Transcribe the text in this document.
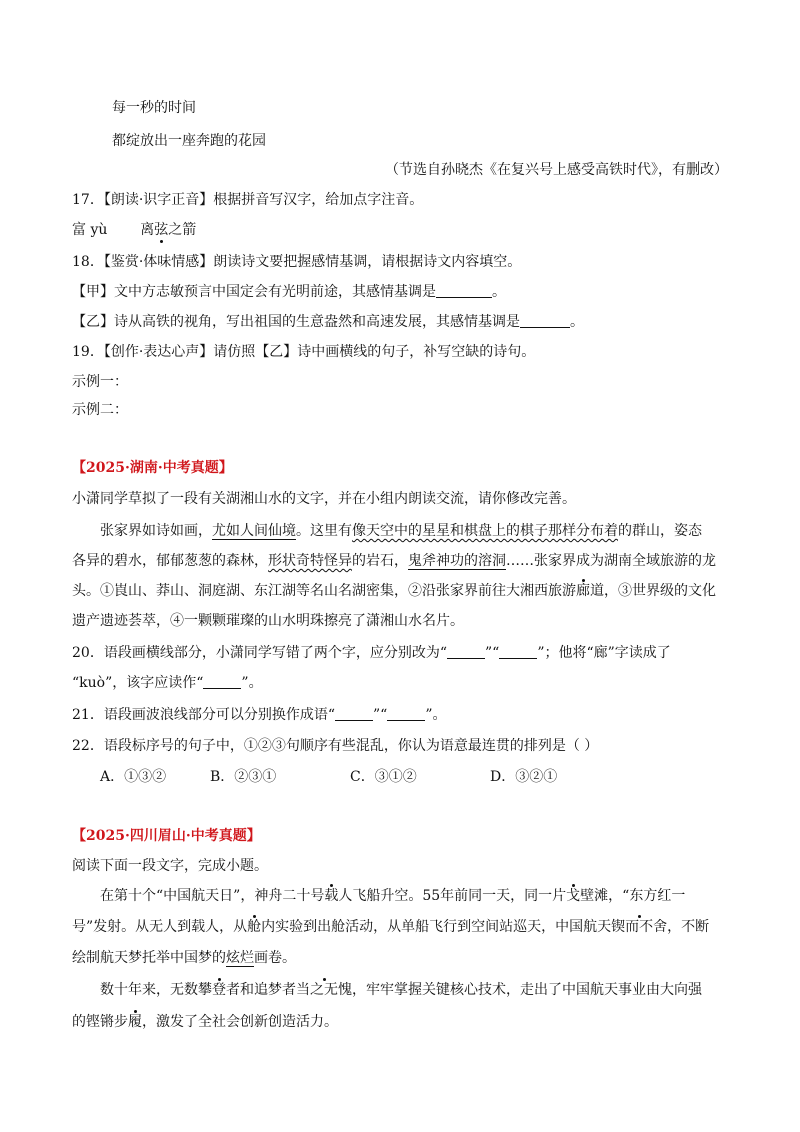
每一秒的时间
都绽放出一座奔跑的花园
（节选自孙晓杰《在复兴号上感受高铁时代》，有删改）
17．【朗读·识字正音】根据拼音写汉字，给加点字注音。
富 yù 离弦之箭
18．【鉴赏·体味情感】朗读诗文要把握感情基调，请根据诗文内容填空。
【甲】文中方志敏预言中国定会有光明前途，其感情基调是	。
【乙】诗从高铁的视角，写出祖国的生意盎然和高速发展，其感情基调是	。
19．【创作·表达心声】请仿照【乙】诗中画横线的句子，补写空缺的诗句。
示例一：
示例二：
【2025·湖南·中考真题】
小潇同学草拟了一段有关湖湘山水的文字，并在小组内朗读交流，请你修改完善。
张家界如诗如画，尤如人间仙境。这里有像天空中的星星和棋盘上的棋子那样分布着的群山，姿态
各异的碧水，郁郁葱葱的森林，形状奇特怪异的岩石，鬼斧神功的溶洞……张家界成为湖南全域旅游的龙
头。①崀山、莽山、洞庭湖、东江湖等名山名湖密集，②沿张家界前往大湘西旅游廊道，③世界级的文化
遗产遗迹荟萃，④一颗颗璀璨的山水明珠擦亮了潇湘山水名片。
20．语段画横线部分，小潇同学写错了两个字，应分别改为“	”“	”；他将“廊”字读成了
“kuò”，该字应读作“	”。
21．语段画波浪线部分可以分别换作成语“	”“	”。
22．语段标序号的句子中，①②③句顺序有些混乱，你认为语意最连贯的排列是（ ）
A．①③②	B．②③①	C．③①②	D．③②①
【2025·四川眉山·中考真题】
阅读下面一段文字，完成小题。
在第十个“中国航天日”，神舟二十号载人飞船升空。55年前同一天，同一片戈壁滩，“东方红一
号”发射。从无人到载人，从舱内实验到出舱活动，从单船飞行到空间站巡天，中国航天锲而不舍，不断
绘制航天梦托举中国梦的炫烂画卷。
数十年来，无数攀登者和追梦者当之无愧，牢牢掌握关键核心技术，走出了中国航天事业由大向强
的铿锵步履，激发了全社会创新创造活力。
